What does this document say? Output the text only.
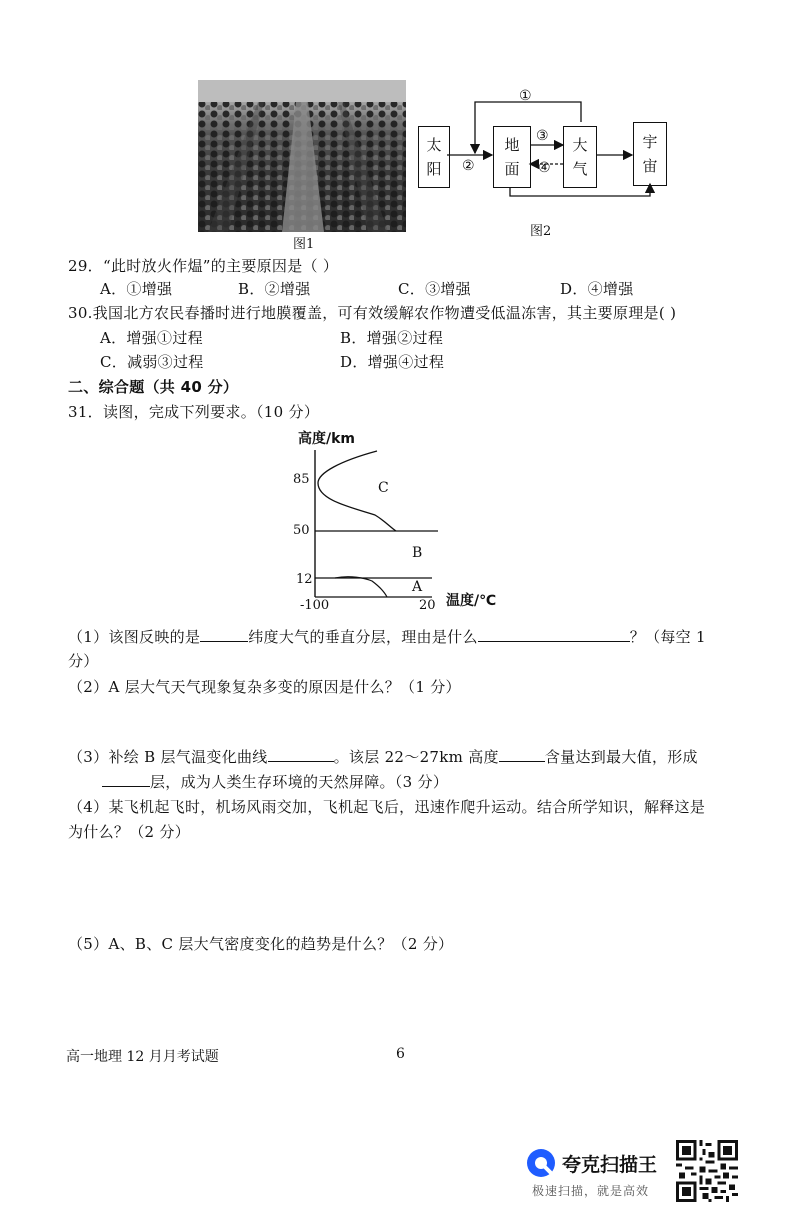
图1
太
阳
地
面
大
气
宇
宙
①
②
③
④
图2
29．“此时放火作煴”的主要原因是（ ）
A．①增强	B．②增强	C．③增强	D．④增强
30.我国北方农民春播时进行地膜覆盖，可有效缓解农作物遭受低温冻害，其主要原理是( )
A．增强①过程	B．增强②过程
C．减弱③过程	D．增强④过程
二、综合题（共 40 分）
31．读图，完成下列要求。（10 分）
高度/km
85
50
12
-100	20 温度/℃
C
B
A
（1）该图反映的是	纬度大气的垂直分层，理由是什么	？（每空 1
分）
（2）A 层大气天气现象复杂多变的原因是什么？（1 分）
（3）补绘 B 层气温变化曲线	。该层 22～27km 高度	含量达到最大值，形成
层，成为人类生存环境的天然屏障。（3 分）
（4）某飞机起飞时，机场风雨交加，飞机起飞后，迅速作爬升运动。结合所学知识，解释这是
为什么？（2 分）
（5）A、B、C 层大气密度变化的趋势是什么？（2 分）
高一地理 12 月月考试题	6
夸克扫描王
极速扫描，就是高效
